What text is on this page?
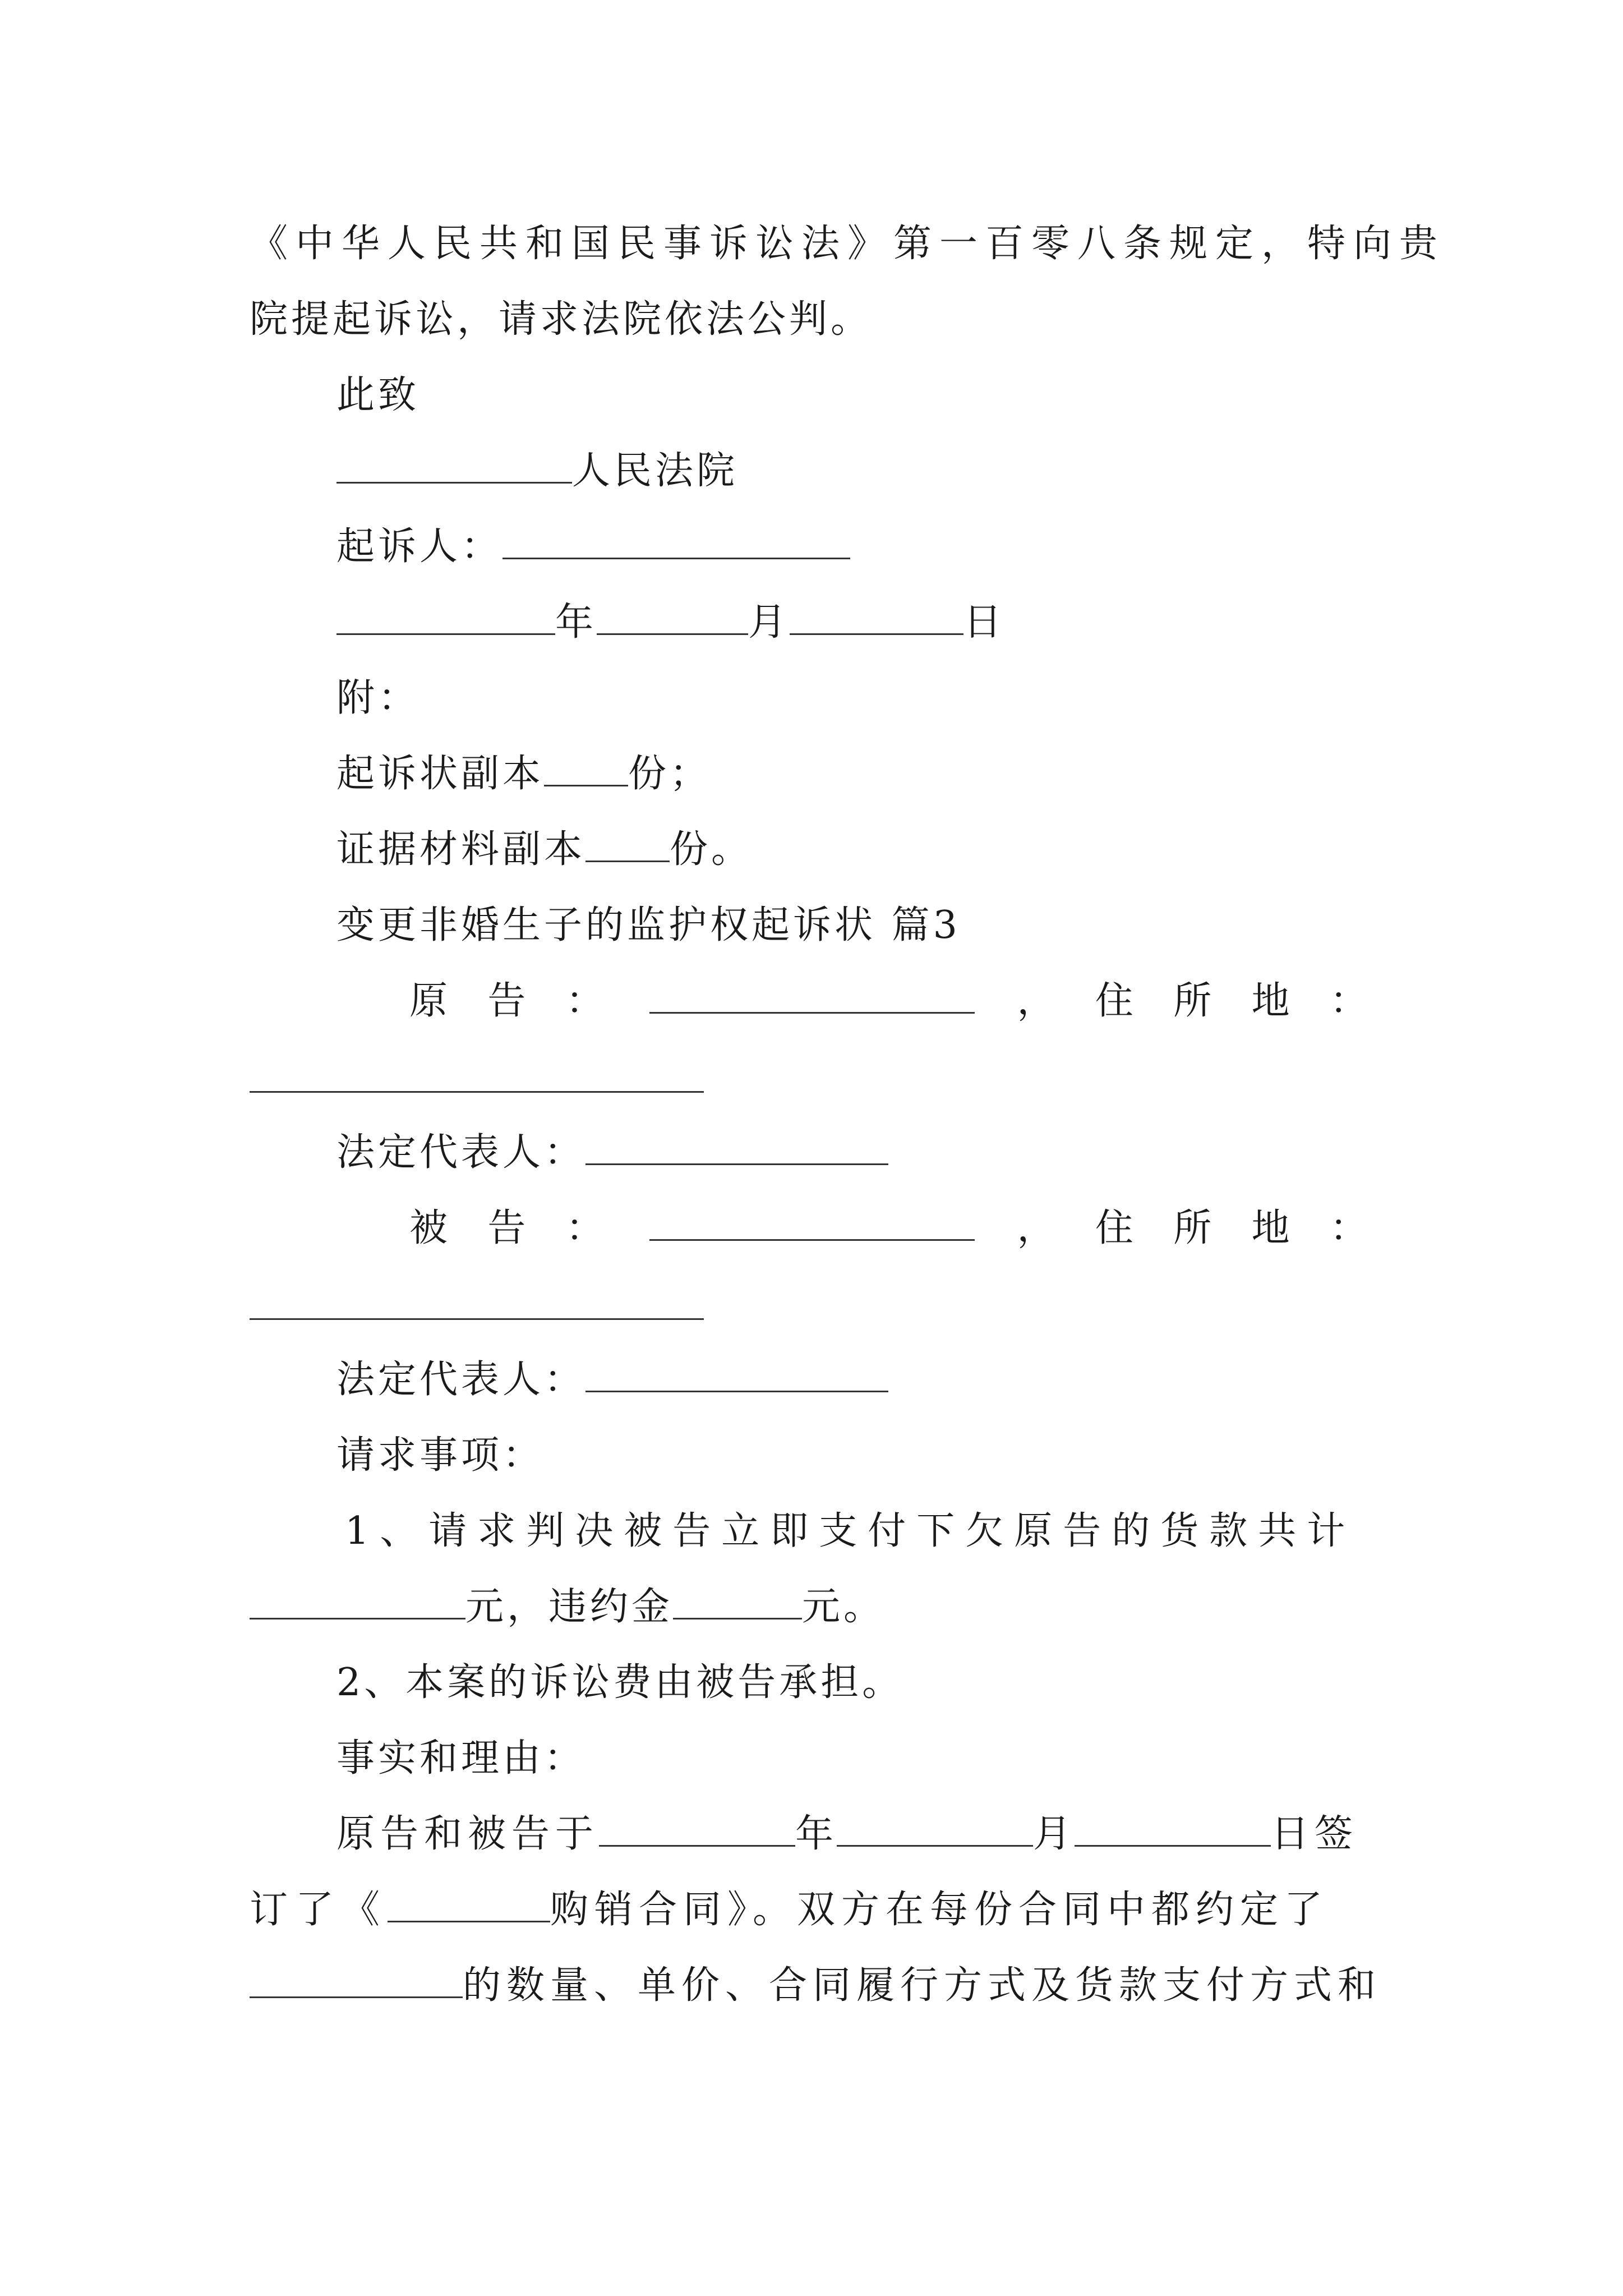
《中华人民共和国民事诉讼法》第一百零八条规定，特向贵
院提起诉讼，请求法院依法公判。
此致
人民法院
起诉人：
年	月	日
附：
起诉状副本 份；
证据材料副本 份。
变更非婚生子的监护权起诉状 篇3
原 告 ：	， 住 所 地 ：
法定代表人：
被 告 ：	， 住 所 地 ：
法定代表人：
请求事项：
1、请求判决被告立即支付下欠原告的货款共计
元，违约金	元。
2、本案的诉讼费由被告承担。
事实和理由：
原告和被告于	年	月	日签
订了《	购销合同》。双方在每份合同中都约定了
的数量、单价、合同履行方式及货款支付方式和
